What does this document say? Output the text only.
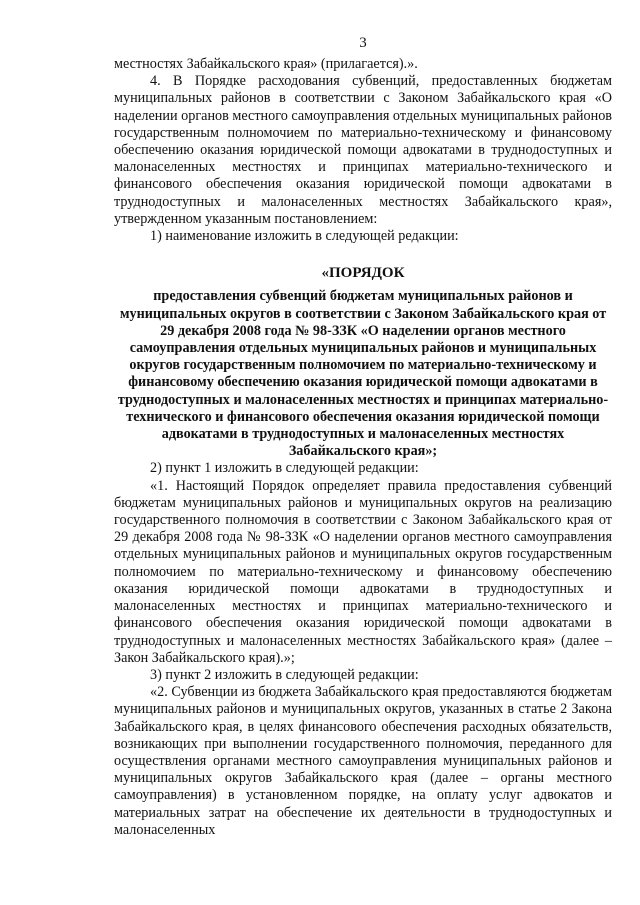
3

местностях Забайкальского края» (прилагается).».

4. В Порядке расходования субвенций, предоставленных бюджетам муниципальных районов в соответствии с Законом Забайкальского края «О наделении органов местного самоуправления отдельных муниципальных районов государственным полномочием по материально-техническому и финансовому обеспечению оказания юридической помощи адвокатами в труднодоступных и малонаселенных местностях и принципах материально-технического и финансового обеспечения оказания юридической помощи адвокатами в труднодоступных и малонаселенных местностях Забайкальского края», утвержденном указанным постановлением:

1) наименование изложить в следующей редакции:

«ПОРЯДОК

предоставления субвенций бюджетам муниципальных районов и муниципальных округов в соответствии с Законом Забайкальского края от 29 декабря 2008 года № 98-ЗЗК «О наделении органов местного самоуправления отдельных муниципальных районов и муниципальных округов государственным полномочием по материально-техническому и финансовому обеспечению оказания юридической помощи адвокатами в труднодоступных и малонаселенных местностях и принципах материально-технического и финансового обеспечения оказания юридической помощи адвокатами в труднодоступных и малонаселенных местностях Забайкальского края»;

2) пункт 1 изложить в следующей редакции:

«1. Настоящий Порядок определяет правила предоставления субвенций бюджетам муниципальных районов и муниципальных округов на реализацию государственного полномочия в соответствии с Законом Забайкальского края от 29 декабря 2008 года № 98-ЗЗК «О наделении органов местного самоуправления отдельных муниципальных районов и муниципальных округов государственным полномочием по материально-техническому и финансовому обеспечению оказания юридической помощи адвокатами в труднодоступных и малонаселенных местностях и принципах материально-технического и финансового обеспечения оказания юридической помощи адвокатами в труднодоступных и малонаселенных местностях Забайкальского края» (далее – Закон Забайкальского края).»;

3) пункт 2 изложить в следующей редакции:

«2. Субвенции из бюджета Забайкальского края предоставляются бюджетам муниципальных районов и муниципальных округов, указанных в статье 2 Закона Забайкальского края, в целях финансового обеспечения расходных обязательств, возникающих при выполнении государственного полномочия, переданного для осуществления органами местного самоуправления муниципальных районов и муниципальных округов Забайкальского края (далее – органы местного самоуправления) в установленном порядке, на оплату услуг адвокатов и материальных затрат на обеспечение их деятельности в труднодоступных и малонаселенных
